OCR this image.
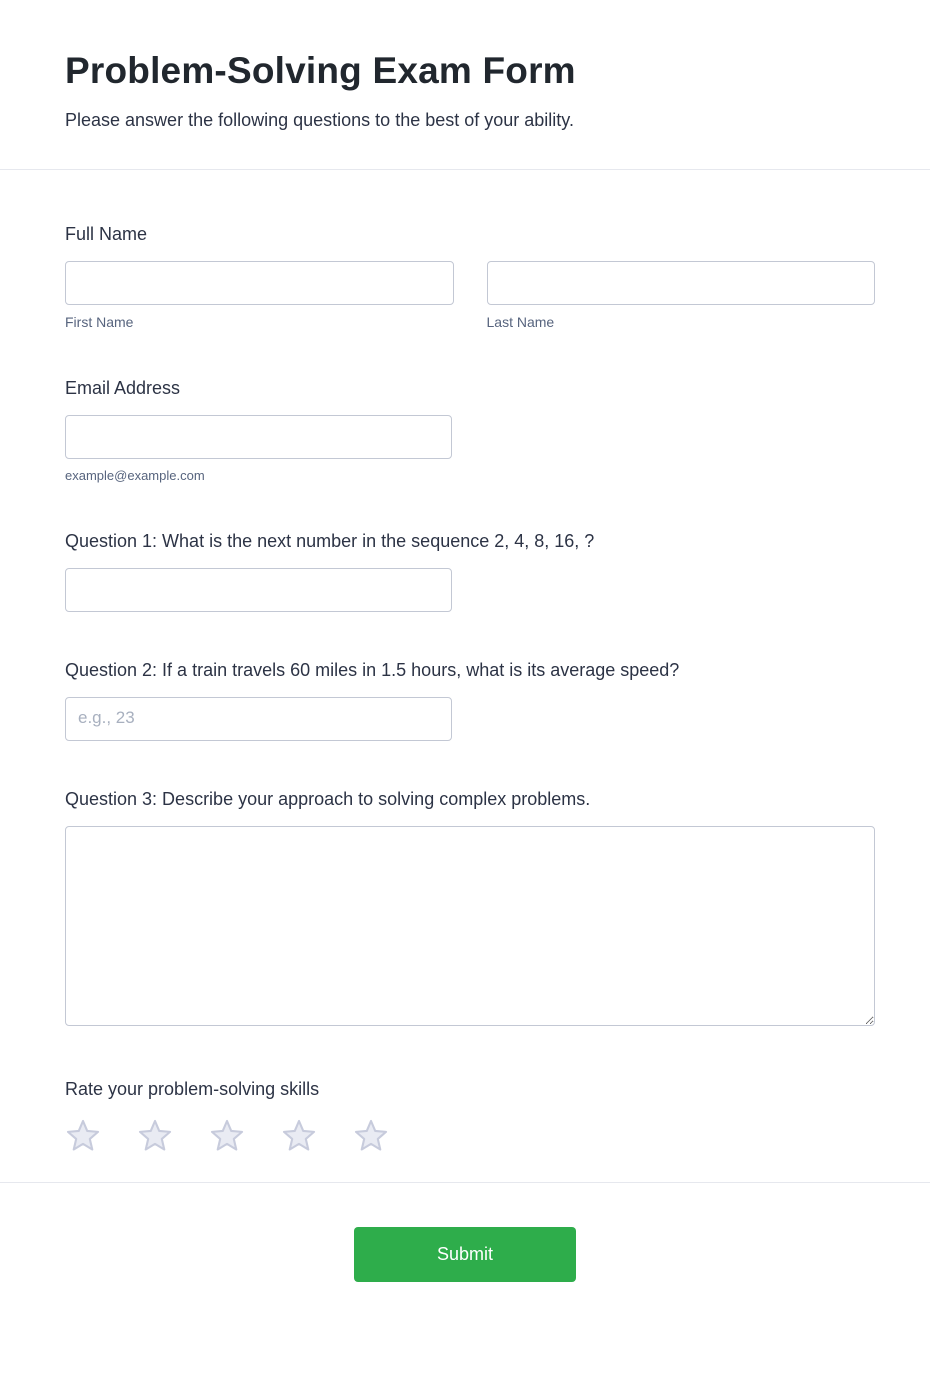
Problem-Solving Exam Form
Please answer the following questions to the best of your ability.
Full Name
First Name	Last Name
Email Address
example@example.com
Question 1: What is the next number in the sequence 2, 4, 8, 16, ?
Question 2: If a train travels 60 miles in 1.5 hours, what is its average speed?
e.g., 23
Question 3: Describe your approach to solving complex problems.
Rate your problem-solving skills
Submit
